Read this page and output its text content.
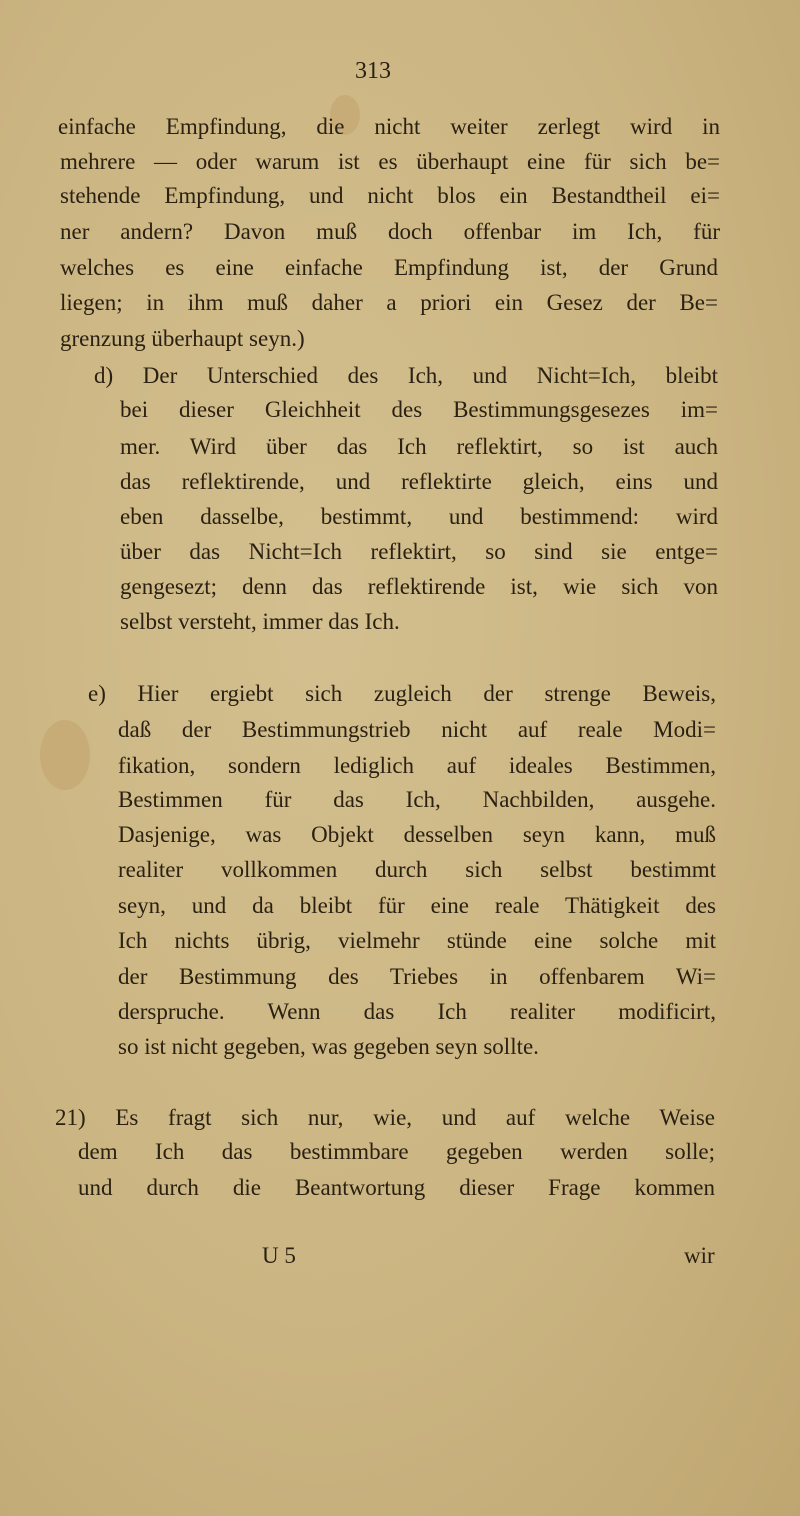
313
einfache Empfindung, die nicht weiter zerlegt wird in
mehrere — oder warum ist es überhaupt eine für sich be=
stehende Empfindung, und nicht blos ein Bestandtheil ei=
ner andern? Davon muß doch offenbar im Ich, für
welches es eine einfache Empfindung ist, der Grund
liegen; in ihm muß daher a priori ein Gesez der Be=
grenzung überhaupt seyn.)
d) Der Unterschied des Ich, und Nicht=Ich, bleibt
bei dieser Gleichheit des Bestimmungsgesezes im=
mer. Wird über das Ich reflektirt, so ist auch
das reflektirende, und reflektirte gleich, eins und
eben dasselbe, bestimmt, und bestimmend: wird
über das Nicht=Ich reflektirt, so sind sie entge=
gengesezt; denn das reflektirende ist, wie sich von
selbst versteht, immer das Ich.
e) Hier ergiebt sich zugleich der strenge Beweis,
daß der Bestimmungstrieb nicht auf reale Modi=
fikation, sondern lediglich auf ideales Bestimmen,
Bestimmen für das Ich, Nachbilden, ausgehe.
Dasjenige, was Objekt desselben seyn kann, muß
realiter vollkommen durch sich selbst bestimmt
seyn, und da bleibt für eine reale Thätigkeit des
Ich nichts übrig, vielmehr stünde eine solche mit
der Bestimmung des Triebes in offenbarem Wi=
derspruche. Wenn das Ich realiter modificirt,
so ist nicht gegeben, was gegeben seyn sollte.
21) Es fragt sich nur, wie, und auf welche Weise
dem Ich das bestimmbare gegeben werden solle;
und durch die Beantwortung dieser Frage kommen
U 5	wir
